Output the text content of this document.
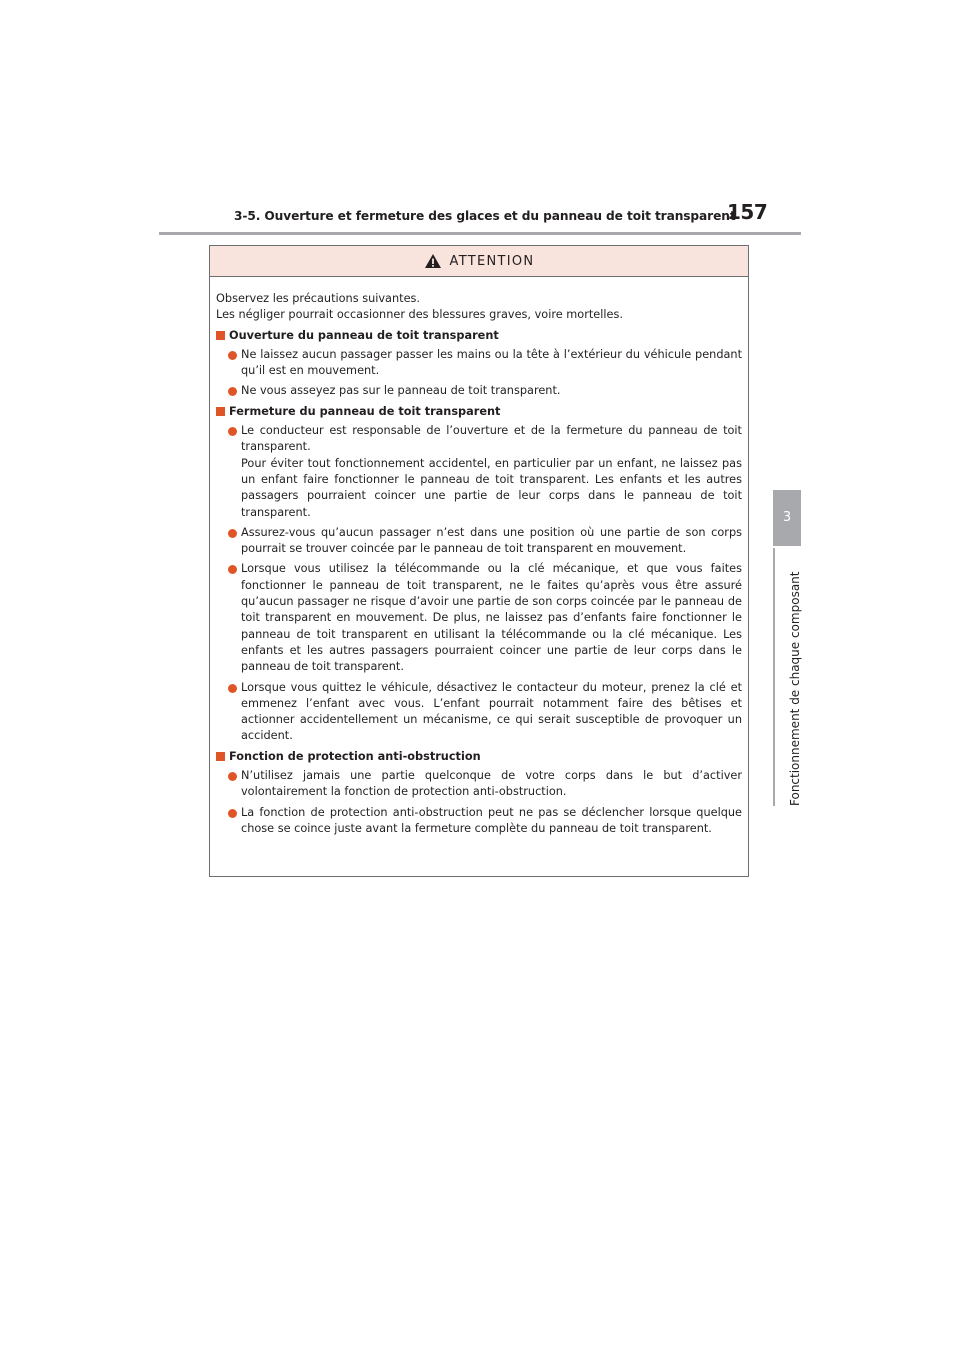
3-5. Ouverture et fermeture des glaces et du panneau de toit transparent
157
3
Fonctionnement de chaque composant
ATTENTION

Observez les précautions suivantes.

Les négliger pourrait occasionner des blessures graves, voire mortelles.

Ouverture du panneau de toit transparent
Ne laissez aucun passager passer les mains ou la tête à l’extérieur du véhicule pendant qu’il est en mouvement.
Ne vous asseyez pas sur le panneau de toit transparent.
Fermeture du panneau de toit transparent
Le conducteur est responsable de l’ouverture et de la fermeture du panneau de toit transparent.
Pour éviter tout fonctionnement accidentel, en particulier par un enfant, ne laissez pas un enfant faire fonctionner le panneau de toit transparent. Les enfants et les autres passagers pourraient coincer une partie de leur corps dans le panneau de toit transparent.
Assurez-vous qu’aucun passager n’est dans une position où une partie de son corps pourrait se trouver coincée par le panneau de toit transparent en mouvement.
Lorsque vous utilisez la télécommande ou la clé mécanique, et que vous faites fonctionner le panneau de toit transparent, ne le faites qu’après vous être assuré qu’aucun passager ne risque d’avoir une partie de son corps coincée par le panneau de toit transparent en mouvement. De plus, ne laissez pas d’enfants faire fonctionner le panneau de toit transparent en utilisant la télécommande ou la clé mécanique. Les enfants et les autres passagers pourraient coincer une partie de leur corps dans le panneau de toit transparent.
Lorsque vous quittez le véhicule, désactivez le contacteur du moteur, prenez la clé et emmenez l’enfant avec vous. L’enfant pourrait notamment faire des bêtises et actionner accidentellement un mécanisme, ce qui serait susceptible de provoquer un accident.
Fonction de protection anti-obstruction
N’utilisez jamais une partie quelconque de votre corps dans le but d’activer volontairement la fonction de protection anti-obstruction.
La fonction de protection anti-obstruction peut ne pas se déclencher lorsque quelque chose se coince juste avant la fermeture complète du panneau de toit transparent.
